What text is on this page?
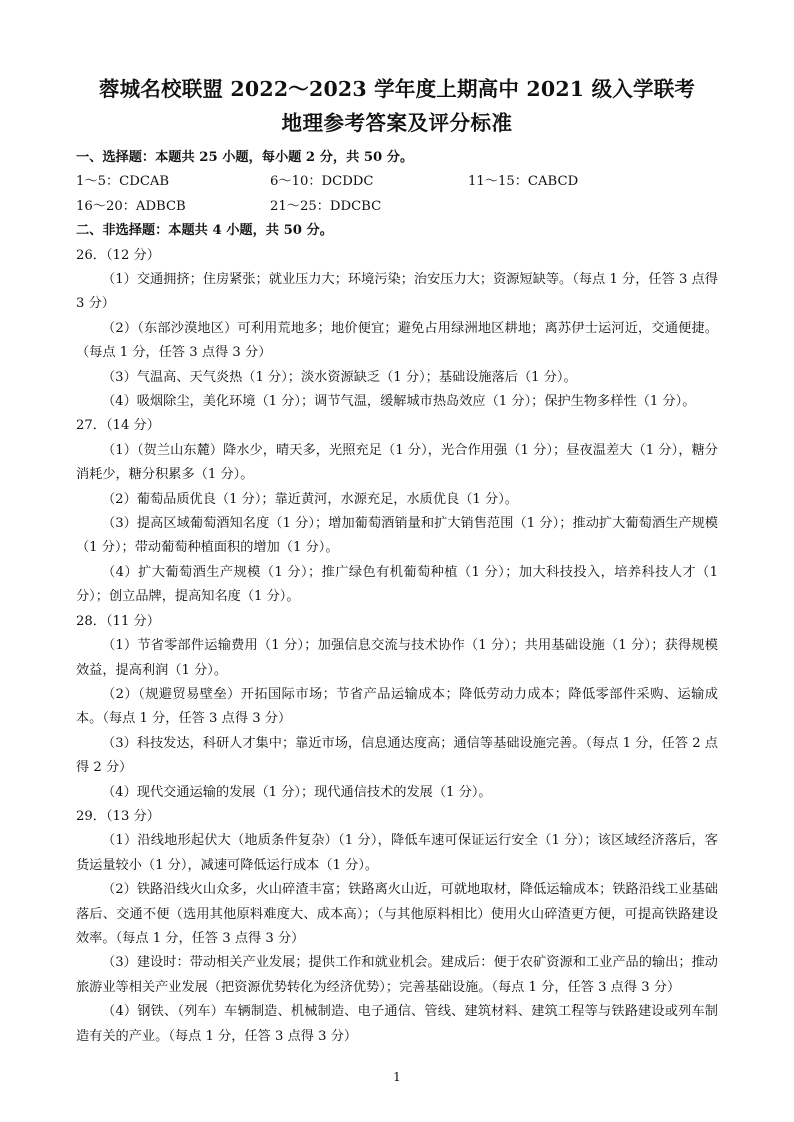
蓉城名校联盟 2022～2023 学年度上期高中 2021 级入学联考
地理参考答案及评分标准
一、选择题：本题共 25 小题，每小题 2 分，共 50 分。
1～5：CDCAB	6～10：DCDDC	11～15：CABCD
16～20：ADBCB	21～25：DDCBC
二、非选择题：本题共 4 小题，共 50 分。
26．（12 分）
（1）交通拥挤；住房紧张；就业压力大；环境污染；治安压力大；资源短缺等。（每点 1 分，任答 3 点得 3 分）
（2）（东部沙漠地区）可利用荒地多；地价便宜；避免占用绿洲地区耕地；离苏伊士运河近，交通便捷。（每点 1 分，任答 3 点得 3 分）
（3）气温高、天气炎热（1 分）；淡水资源缺乏（1 分）；基础设施落后（1 分）。
（4）吸烟除尘，美化环境（1 分）；调节气温，缓解城市热岛效应（1 分）；保护生物多样性（1 分）。
27．（14 分）
（1）（贺兰山东麓）降水少，晴天多，光照充足（1 分），光合作用强（1 分）；昼夜温差大（1 分），糖分消耗少，糖分积累多（1 分）。
（2）葡萄品质优良（1 分）；靠近黄河，水源充足，水质优良（1 分）。
（3）提高区域葡萄酒知名度（1 分）；增加葡萄酒销量和扩大销售范围（1 分）；推动扩大葡萄酒生产规模（1 分）；带动葡萄种植面积的增加（1 分）。
（4）扩大葡萄酒生产规模（1 分）；推广绿色有机葡萄种植（1 分）；加大科技投入，培养科技人才（1 分）；创立品牌，提高知名度（1 分）。
28．（11 分）
（1）节省零部件运输费用（1 分）；加强信息交流与技术协作（1 分）；共用基础设施（1 分）；获得规模效益，提高利润（1 分）。
（2）（规避贸易壁垒）开拓国际市场；节省产品运输成本；降低劳动力成本；降低零部件采购、运输成本。（每点 1 分，任答 3 点得 3 分）
（3）科技发达，科研人才集中；靠近市场，信息通达度高；通信等基础设施完善。（每点 1 分，任答 2 点得 2 分）
（4）现代交通运输的发展（1 分）；现代通信技术的发展（1 分）。
29．（13 分）
（1）沿线地形起伏大（地质条件复杂）（1 分），降低车速可保证运行安全（1 分）；该区域经济落后，客货运量较小（1 分），减速可降低运行成本（1 分）。
（2）铁路沿线火山众多，火山碎渣丰富；铁路离火山近，可就地取材，降低运输成本；铁路沿线工业基础落后、交通不便（选用其他原料难度大、成本高）；（与其他原料相比）使用火山碎渣更方便，可提高铁路建设效率。（每点 1 分，任答 3 点得 3 分）
（3）建设时：带动相关产业发展；提供工作和就业机会。建成后：便于农矿资源和工业产品的输出；推动旅游业等相关产业发展（把资源优势转化为经济优势）；完善基础设施。（每点 1 分，任答 3 点得 3 分）
（4）钢铁、（列车）车辆制造、机械制造、电子通信、管线、建筑材料、建筑工程等与铁路建设或列车制造有关的产业。（每点 1 分，任答 3 点得 3 分）
1
